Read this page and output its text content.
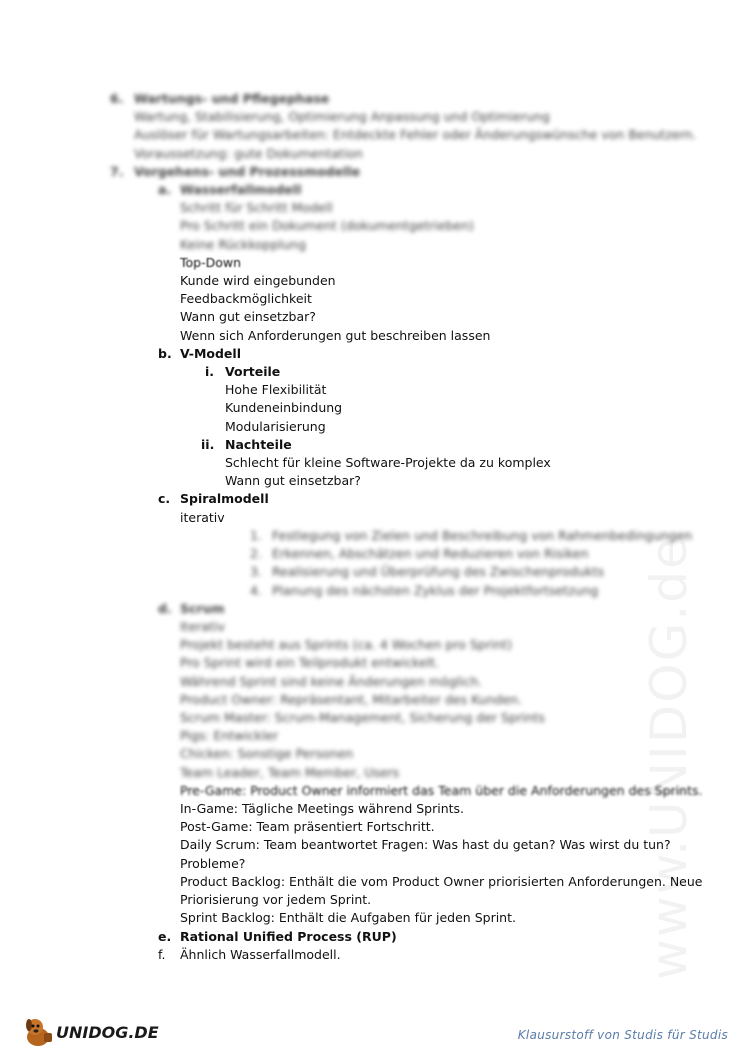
www.UNIDOG.de
6. Wartungs- und Pflegephase
Wartung, Stabilisierung, Optimierung Anpassung und Optimierung
Auslöser für Wartungsarbeiten: Entdeckte Fehler oder Änderungswünsche von Benutzern.
Voraussetzung: gute Dokumentation
7. Vorgehens- und Prozessmodelle
a. Wasserfallmodell
Schritt für Schritt Modell
Pro Schritt ein Dokument (dokumentgetrieben)
Keine Rückkopplung
Top-Down
Kunde wird eingebunden
Feedbackmöglichkeit
Wann gut einsetzbar?
Wenn sich Anforderungen gut beschreiben lassen
b. V-Modell
i. Vorteile
Hohe Flexibilität
Kundeneinbindung
Modularisierung
ii. Nachteile
Schlecht für kleine Software-Projekte da zu komplex
Wann gut einsetzbar?
c. Spiralmodell
iterativ
1. Festlegung von Zielen und Beschreibung von Rahmenbedingungen
2. Erkennen, Abschätzen und Reduzieren von Risiken
3. Realisierung und Überprüfung des Zwischenprodukts
4. Planung des nächsten Zyklus der Projektfortsetzung
d. Scrum
Iterativ
Projekt besteht aus Sprints (ca. 4 Wochen pro Sprint)
Pro Sprint wird ein Teilprodukt entwickelt.
Während Sprint sind keine Änderungen möglich.
Product Owner: Repräsentant, Mitarbeiter des Kunden.
Scrum Master: Scrum-Management, Sicherung der Sprints
Pigs: Entwickler
Chicken: Sonstige Personen
Team Leader, Team Member, Users
Pre-Game: Product Owner informiert das Team über die Anforderungen des Sprints.
In-Game: Tägliche Meetings während Sprints.
Post-Game: Team präsentiert Fortschritt.
Daily Scrum: Team beantwortet Fragen: Was hast du getan? Was wirst du tun?
Probleme?
Product Backlog: Enthält die vom Product Owner priorisierten Anforderungen. Neue
Priorisierung vor jedem Sprint.
Sprint Backlog: Enthält die Aufgaben für jeden Sprint.
e. Rational Unified Process (RUP)
f. Ähnlich Wasserfallmodell.
UNIDOG.DE	Klausurstoff von Studis für Studis
